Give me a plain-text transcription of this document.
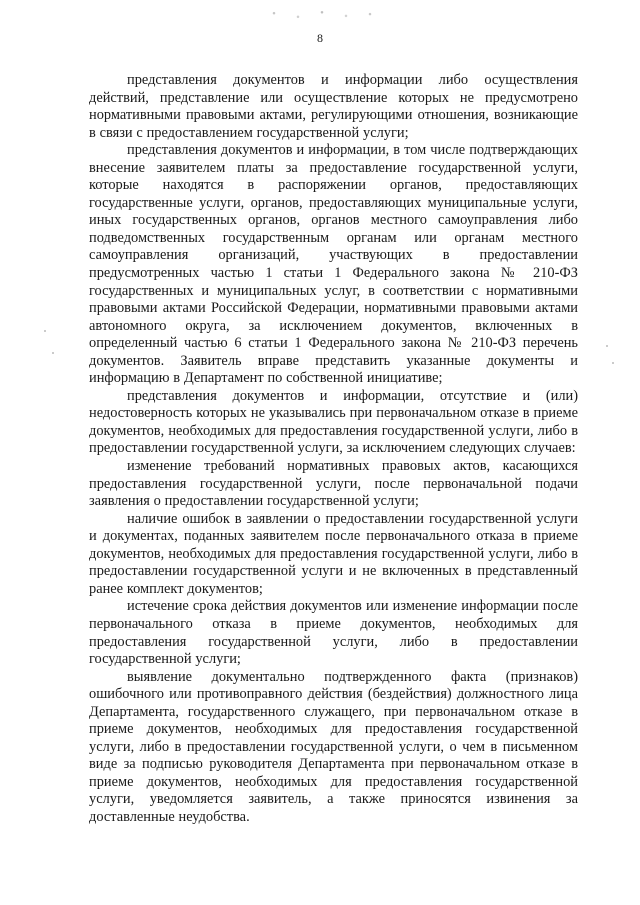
8

представления документов и информации либо осуществления действий, представление или осуществление которых не предусмотрено нормативными правовыми актами, регулирующими отношения, возникающие в связи с предоставлением государственной услуги;

представления документов и информации, в том числе подтверждающих внесение заявителем платы за предоставление государственной услуги, которые находятся в распоряжении органов, предоставляющих государственные услуги, органов, предоставляющих муниципальные услуги, иных государственных органов, органов местного самоуправления либо подведомственных государственным органам или органам местного самоуправления организаций, участвующих в предоставлении предусмотренных частью 1 статьи 1 Федерального закона № 210-ФЗ государственных и муниципальных услуг, в соответствии с нормативными правовыми актами Российской Федерации, нормативными правовыми актами автономного округа, за исключением документов, включенных в определенный частью 6 статьи 1 Федерального закона № 210-ФЗ перечень документов. Заявитель вправе представить указанные документы и информацию в Департамент по собственной инициативе;

представления документов и информации, отсутствие и (или) недостоверность которых не указывались при первоначальном отказе в приеме документов, необходимых для предоставления государственной услуги, либо в предоставлении государственной услуги, за исключением следующих случаев:

изменение требований нормативных правовых актов, касающихся предоставления государственной услуги, после первоначальной подачи заявления о предоставлении государственной услуги;

наличие ошибок в заявлении о предоставлении государственной услуги и документах, поданных заявителем после первоначального отказа в приеме документов, необходимых для предоставления государственной услуги, либо в предоставлении государственной услуги и не включенных в представленный ранее комплект документов;

истечение срока действия документов или изменение информации после первоначального отказа в приеме документов, необходимых для предоставления государственной услуги, либо в предоставлении государственной услуги;

выявление документально подтвержденного факта (признаков) ошибочного или противоправного действия (бездействия) должностного лица Департамента, государственного служащего, при первоначальном отказе в приеме документов, необходимых для предоставления государственной услуги, либо в предоставлении государственной услуги, о чем в письменном виде за подписью руководителя Департамента при первоначальном отказе в приеме документов, необходимых для предоставления государственной услуги, уведомляется заявитель, а также приносятся извинения за доставленные неудобства.
